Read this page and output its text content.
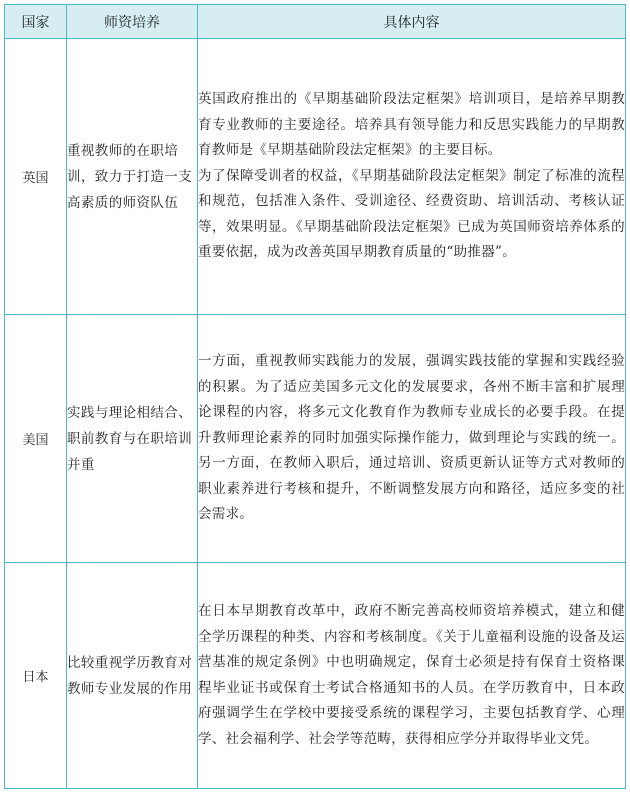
国家	师资培养	具体内容
英国	重视教师的在职培训，致力于打造一支高素质的师资队伍	英国政府推出的《早期基础阶段法定框架》培训项目，是培养早期教育专业教师的主要途径。培养具有领导能力和反思实践能力的早期教育教师是《早期基础阶段法定框架》的主要目标。

为了保障受训者的权益，《早期基础阶段法定框架》制定了标准的流程和规范，包括准入条件、受训途径、经费资助、培训活动、考核认证等，效果明显。《早期基础阶段法定框架》已成为英国师资培养体系的重要依据，成为改善英国早期教育质量的“助推器”。

美国	实践与理论相结合、职前教育与在职培训并重	一方面，重视教师实践能力的发展，强调实践技能的掌握和实践经验的积累。为了适应美国多元文化的发展要求，各州不断丰富和扩展理论课程的内容，将多元文化教育作为教师专业成长的必要手段。在提升教师理论素养的同时加强实际操作能力，做到理论与实践的统一。另一方面，在教师入职后，通过培训、资质更新认证等方式对教师的职业素养进行考核和提升，不断调整发展方向和路径，适应多变的社会需求。

日本	比较重视学历教育对教师专业发展的作用	在日本早期教育改革中，政府不断完善高校师资培养模式，建立和健全学历课程的种类、内容和考核制度。《关于儿童福利设施的设备及运营基准的规定条例》中也明确规定，保育士必须是持有保育士资格课程毕业证书或保育士考试合格通知书的人员。在学历教育中，日本政府强调学生在学校中要接受系统的课程学习，主要包括教育学、心理学、社会福利学、社会学等范畴，获得相应学分并取得毕业文凭。
